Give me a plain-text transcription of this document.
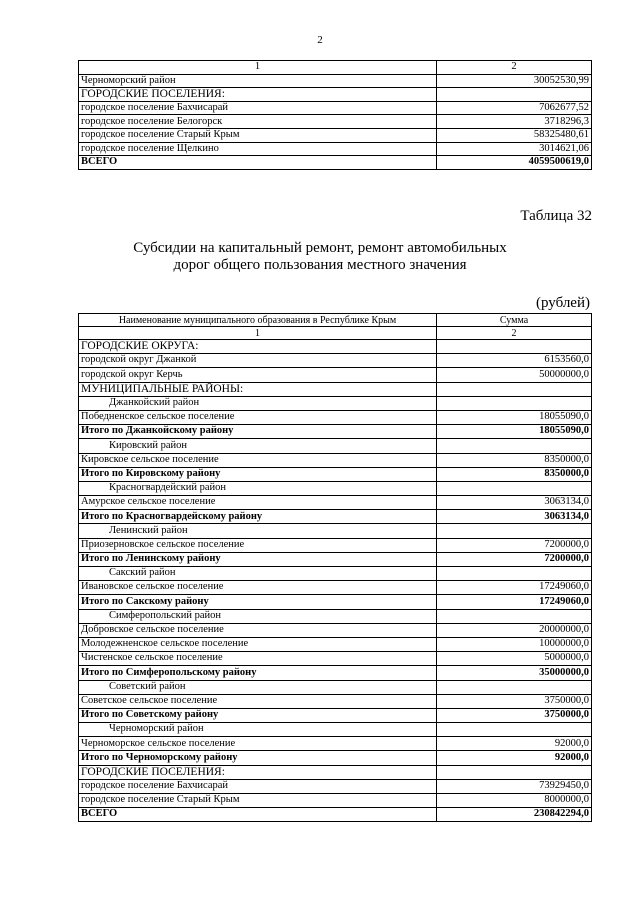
2
1	2
Черноморский район	30052530,99
ГОРОДСКИЕ ПОСЕЛЕНИЯ:	
городское поселение Бахчисарай	7062677,52
городское поселение Белогорск	3718296,3
городское поселение Старый Крым	58325480,61
городское поселение Щелкино	3014621,06
ВСЕГО	4059500619,0
Таблица 32
Субсидии на капитальный ремонт, ремонт автомобильных
дорог общего пользования местного значения
(рублей)
Наименование муниципального образования в Республике Крым	Сумма
1	2
ГОРОДСКИЕ ОКРУГА:	
городской округ Джанкой	6153560,0
городской округ Керчь	50000000,0
МУНИЦИПАЛЬНЫЕ РАЙОНЫ:	
Джанкойский район	
Победненское сельское поселение	18055090,0
Итого по Джанкойскому району	18055090,0
Кировский район	
Кировское сельское поселение	8350000,0
Итого по Кировскому району	8350000,0
Красногвардейский район	
Амурское сельское поселение	3063134,0
Итого по Красногвардейскому району	3063134,0
Ленинский район	
Приозерновское сельское поселение	7200000,0
Итого по Ленинскому району	7200000,0
Сакский район	
Ивановское сельское поселение	17249060,0
Итого по Сакскому району	17249060,0
Симферопольский район	
Добровское сельское поселение	20000000,0
Молодежненское сельское поселение	10000000,0
Чистенское сельское поселение	5000000,0
Итого по Симферопольскому району	35000000,0
Советский район	
Советское сельское поселение	3750000,0
Итого по Советскому району	3750000,0
Черноморский район	
Черноморское сельское поселение	92000,0
Итого по Черноморскому району	92000,0
ГОРОДСКИЕ ПОСЕЛЕНИЯ:	
городское поселение Бахчисарай	73929450,0
городское поселение Старый Крым	8000000,0
ВСЕГО	230842294,0
